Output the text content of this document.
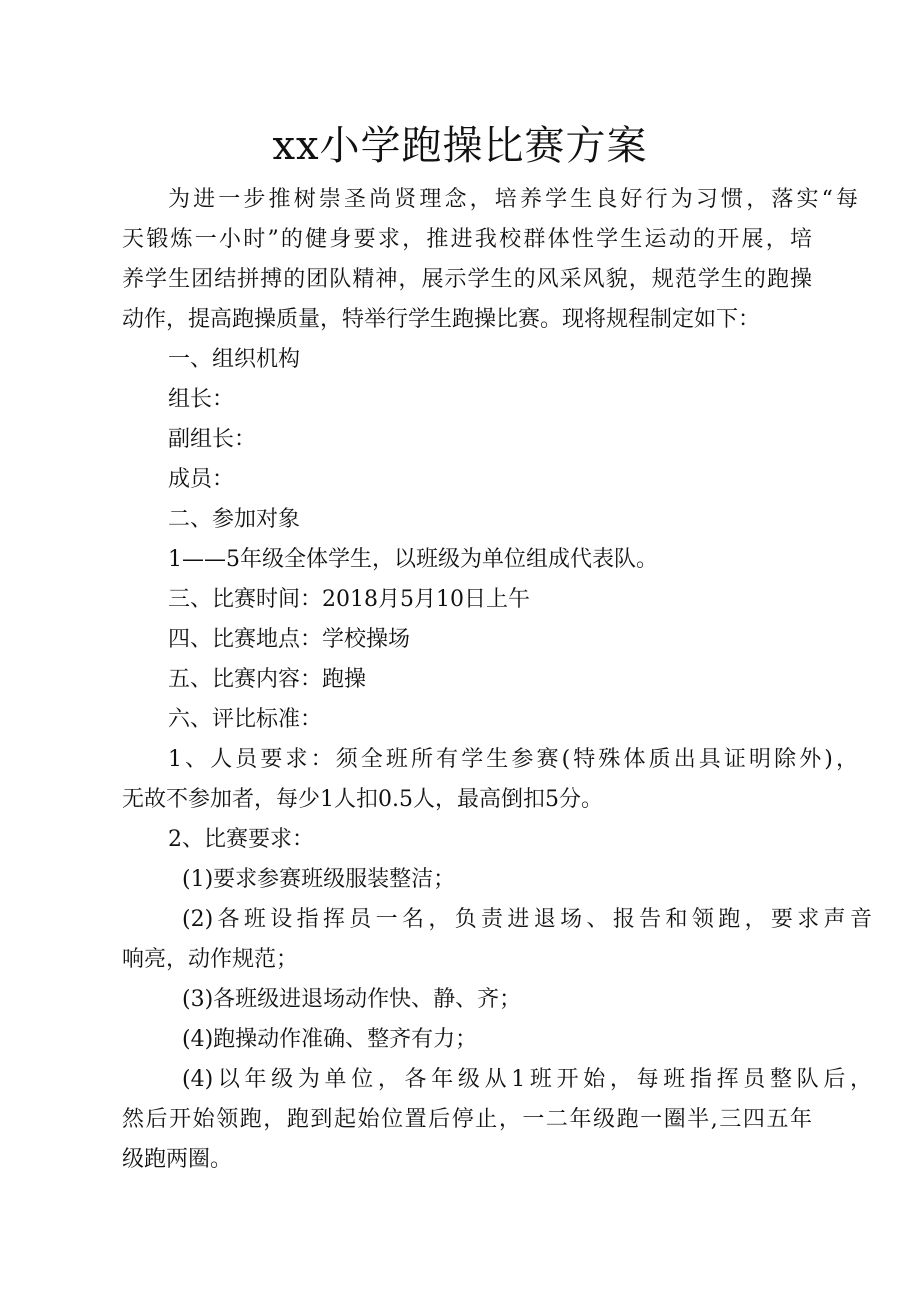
xx小学跑操比赛方案

为进一步推树崇圣尚贤理念，培养学生良好行为习惯，落实“每

天锻炼一小时”的健身要求，推进我校群体性学生运动的开展，培

养学生团结拼搏的团队精神，展示学生的风采风貌，规范学生的跑操

动作，提高跑操质量，特举行学生跑操比赛。现将规程制定如下：

一、组织机构

组长：

副组长：

成员：

二、参加对象

1——5年级全体学生，以班级为单位组成代表队。

三、比赛时间：2018月5月10日上午

四、比赛地点：学校操场

五、比赛内容：跑操

六、评比标准：

1、人员要求：须全班所有学生参赛(特殊体质出具证明除外)，

无故不参加者，每少1人扣0.5人，最高倒扣5分。

2、比赛要求：

(1)要求参赛班级服装整洁；

(2)各班设指挥员一名，负责进退场、报告和领跑，要求声音

响亮，动作规范；

(3)各班级进退场动作快、静、齐；

(4)跑操动作准确、整齐有力；

(4)以年级为单位，各年级从1班开始，每班指挥员整队后，

然后开始领跑，跑到起始位置后停止，一二年级跑一圈半,三四五年

级跑两圈。
